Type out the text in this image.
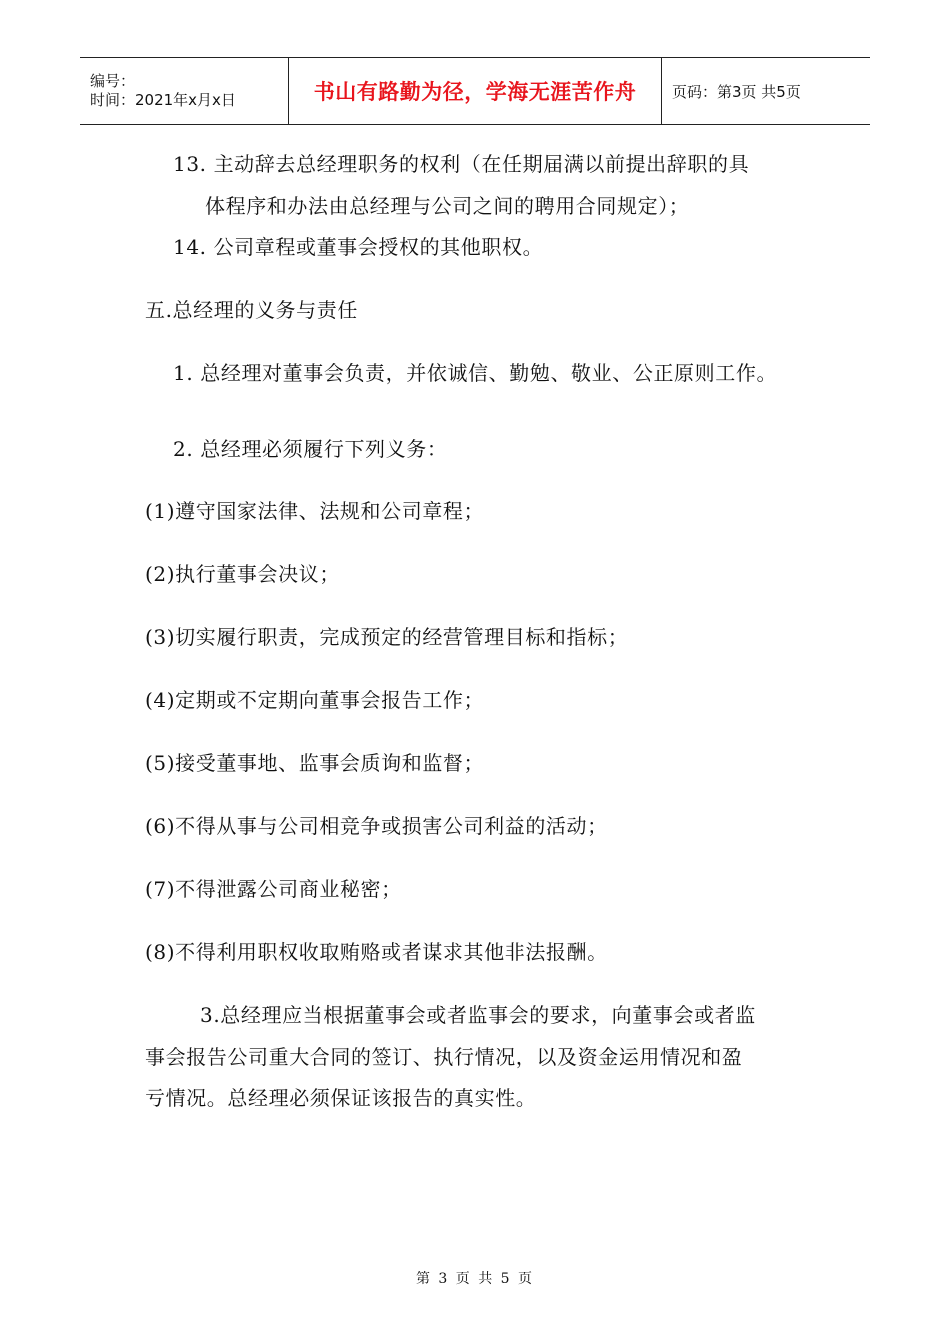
编号：
时间：2021年x月x日	书山有路勤为径，学海无涯苦作舟	页码：第3页 共5页
13. 主动辞去总经理职务的权利（在任期届满以前提出辞职的具
体程序和办法由总经理与公司之间的聘用合同规定）；
14. 公司章程或董事会授权的其他职权。
五.总经理的义务与责任
1. 总经理对董事会负责，并依诚信、勤勉、敬业、公正原则工作。
2. 总经理必须履行下列义务：
(1)遵守国家法律、法规和公司章程；
(2)执行董事会决议；
(3)切实履行职责，完成预定的经营管理目标和指标；
(4)定期或不定期向董事会报告工作；
(5)接受董事地、监事会质询和监督；
(6)不得从事与公司相竞争或损害公司利益的活动；
(7)不得泄露公司商业秘密；
(8)不得利用职权收取贿赂或者谋求其他非法报酬。
3.总经理应当根据董事会或者监事会的要求，向董事会或者监
事会报告公司重大合同的签订、执行情况，以及资金运用情况和盈
亏情况。总经理必须保证该报告的真实性。
第 3 页 共 5 页
